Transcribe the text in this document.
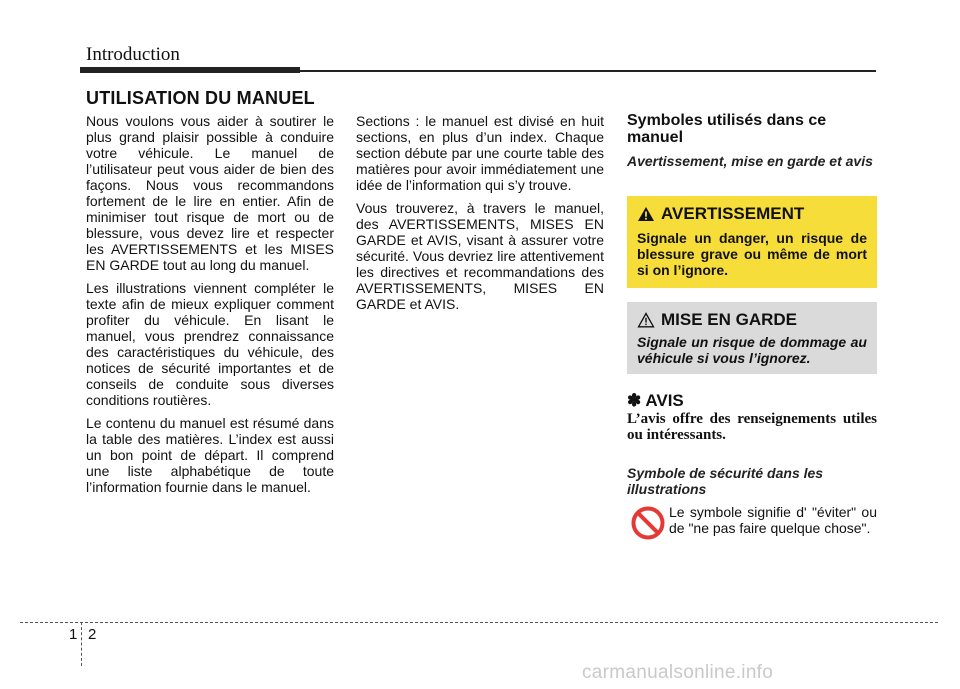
Introduction
UTILISATION DU MANUEL

Nous voulons vous aider à soutirer le plus grand plaisir possible à conduire votre véhicule. Le manuel de l’utilisateur peut vous aider de bien des façons. Nous vous recommandons fortement de le lire en entier. Afin de minimiser tout risque de mort ou de blessure, vous devez lire et respecter les AVERTISSEMENTS et les MISES EN GARDE tout au long du manuel.

Les illustrations viennent compléter le texte afin de mieux expliquer comment profiter du véhicule. En lisant le manuel, vous prendrez connaissance des caractéristiques du véhicule, des notices de sécurité importantes et de conseils de conduite sous diverses conditions routières.

Le contenu du manuel est résumé dans la table des matières. L’index est aussi un bon point de départ. Il comprend une liste alphabétique de toute l’information fournie dans le manuel.

Sections : le manuel est divisé en huit sections, en plus d’un index. Chaque section débute par une courte table des matières pour avoir immédiatement une idée de l’information qui s’y trouve.

Vous trouverez, à travers le manuel, des AVERTISSEMENTS, MISES EN GARDE et AVIS, visant à assurer votre sécurité. Vous devriez lire attentivement les directives et recommandations des AVERTISSEMENTS, MISES EN GARDE et AVIS.

Symboles utilisés dans ce manuel
Avertissement, mise en garde et avis
AVERTISSEMENT
Signale un danger, un risque de blessure grave ou même de mort si on l’ignore.
MISE EN GARDE
Signale un risque de dommage au véhicule si vous l’ignorez.
✽ AVIS
L’avis offre des renseignements utiles ou intéressants.
Symbole de sécurité dans les illustrations
Le symbole signifie d' "éviter" ou de "ne pas faire quelque chose".
1 2
carmanualsonline.info
